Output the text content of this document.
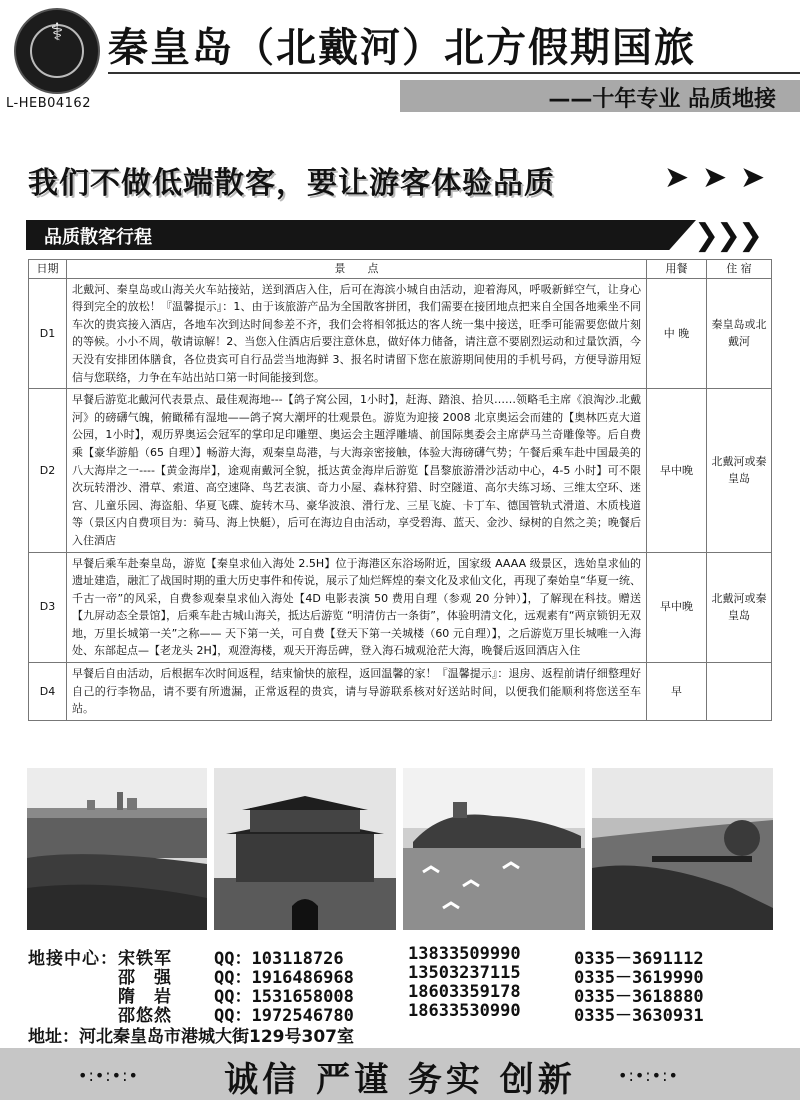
⚕
L-HEB04162
秦皇岛（北戴河）北方假期国旅
——十年专业 品质地接
我们不做低端散客，要让游客体验品质	➤ ➤ ➤
品质散客行程	❯
❯
❯
日期	景　　点	用餐	住 宿
D1	北戴河、秦皇岛或山海关火车站接站，送到酒店入住，后可在海滨小城自由活动，迎着海风，呼吸新鲜空气，让身心得到完全的放松！『温馨提示』：1、由于该旅游产品为全国散客拼团，我们需要在接团地点把来自全国各地乘坐不同车次的贵宾接入酒店，各地车次到达时间参差不齐，我们会将相邻抵达的客人统一集中接送，旺季可能需要您做片刻的等候。小小不周，敬请谅解！2、当您入住酒店后要注意休息，做好体力储备，请注意不要剧烈运动和过量饮酒，今天没有安排团体膳食，各位贵宾可自行品尝当地海鲜 3、报名时请留下您在旅游期间使用的手机号码，方便导游用短信与您联络，力争在车站出站口第一时间能接到您。	中 晚	秦皇岛或北戴河
D2	早餐后游览北戴河代表景点、最佳观海地---【鸽子窝公园，1小时】，赶海、踏浪、拾贝……领略毛主席《浪淘沙.北戴河》的磅礴气魄，俯瞰稀有湿地——鸽子窝大潮坪的壮观景色。游览为迎接 2008 北京奥运会而建的【奥林匹克大道公园，1小时】，观历界奥运会冠军的掌印足印雕塑、奥运会主题浮雕墙、前国际奥委会主席萨马兰奇雕像等。后自费乘【豪华游船（65 自理）】畅游大海，观秦皇岛港，与大海亲密接触，体验大海磅礴气势；午餐后乘车赴中国最美的八大海岸之一----【黄金海岸】，途观南戴河全貌，抵达黄金海岸后游览【昌黎旅游滑沙活动中心，4-5 小时】可不限次玩转滑沙、滑草、索道、高空速降、鸟艺表演、奇力小屋、森林狩猎、时空隧道、高尔夫练习场、三维太空环、迷宫、儿童乐园、海盗船、华夏飞碟、旋转木马、豪华波浪、滑行龙、三星飞旋、卡丁车、德国管轨式滑道、木质栈道等（景区内自费项目为：骑马、海上快艇），后可在海边自由活动，享受碧海、蓝天、金沙、绿树的自然之美；晚餐后入住酒店	早中晚	北戴河或秦皇岛
D3	早餐后乘车赴秦皇岛，游览【秦皇求仙入海处 2.5H】位于海港区东浴场附近，国家级 AAAA 级景区，选始皇求仙的遗址建造，融汇了战国时期的重大历史事件和传说，展示了灿烂辉煌的秦文化及求仙文化，再现了秦始皇“华夏一统、千古一帝”的风采，自费参观秦皇求仙入海处【4D 电影表演 50 费用自理（参观 20 分钟）】，了解现在科技。赠送【九屏动态全景馆】，后乘车赴古城山海关，抵达后游览 “明清仿古一条街”，体验明清文化，远观素有“两京锁钥无双地，万里长城第一关”之称—— 天下第一关，可自费【登天下第一关城楼（60 元自理）】，之后游览万里长城唯一入海处、东部起点—【老龙头 2H】，观澄海楼，观天开海岳碑，登入海石城观沧茫大海，晚餐后返回酒店入住	早中晚	北戴河或秦皇岛
D4	早餐后自由活动，后根据车次时间返程，结束愉快的旅程，返回温馨的家！『温馨提示』：退房、返程前请仔细整理好自己的行李物品，请不要有所遗漏，正常返程的贵宾，请与导游联系核对好送站时间，以便我们能顺利将您送至车站。	早	
地接中心： 宋铁军 QQ：103118726	13833509990	0335－3691112
邵　强 QQ：1916486968	13503237115	0335－3619990
隋　岩 QQ：1531658008	18603359178	0335－3618880
邵悠然 QQ：1972546780	18633530990	0335－3630931
地址：河北秦皇岛市港城大街129号307室
•:•:•:•	诚信 严谨 务实 创新	•:•:•:•
